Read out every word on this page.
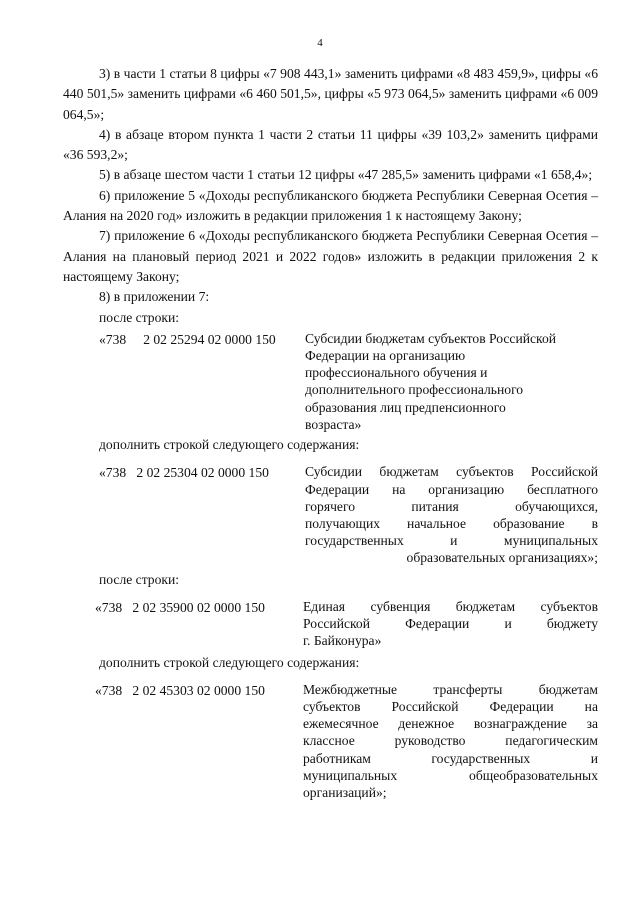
4

3) в части 1 статьи 8 цифры «7 908 443,1» заменить цифрами «8 483 459,9», цифры «6 440 501,5» заменить цифрами «6 460 501,5», цифры «5 973 064,5» заменить цифрами «6 009 064,5»;

4) в абзаце втором пункта 1 части 2 статьи 11 цифры «39 103,2» заменить цифрами «36 593,2»;

5) в абзаце шестом части 1 статьи 12 цифры «47 285,5» заменить цифрами «1 658,4»;

6) приложение 5 «Доходы республиканского бюджета Республики Северная Осетия – Алания на 2020 год» изложить в редакции приложения 1 к настоящему Закону;

7) приложение 6 «Доходы республиканского бюджета Республики Северная Осетия – Алания на плановый период 2021 и 2022 годов» изложить в редакции приложения 2 к настоящему Закону;

8) в приложении 7:

после строки:

«738 2 02 25294 02 0000 150	Субсидии бюджетам субъектов Российской
Федерации на организацию
профессионального обучения и
дополнительного профессионального
образования лиц предпенсионного
возраста»

дополнить строкой следующего содержания:

«738 2 02 25304 02 0000 150	Субсидии бюджетам субъектов Российской
Федерации на организацию бесплатного
горячего питания обучающихся,
получающих начальное образование в
государственных и муниципальных
образовательных организациях»;

после строки:

«738 2 02 35900 02 0000 150	Единая субвенция бюджетам субъектов
Российской Федерации и бюджету
г. Байконура»

дополнить строкой следующего содержания:

«738 2 02 45303 02 0000 150	Межбюджетные трансферты бюджетам
субъектов Российской Федерации на
ежемесячное денежное вознаграждение за
классное руководство педагогическим
работникам государственных и
муниципальных общеобразовательных
организаций»;
